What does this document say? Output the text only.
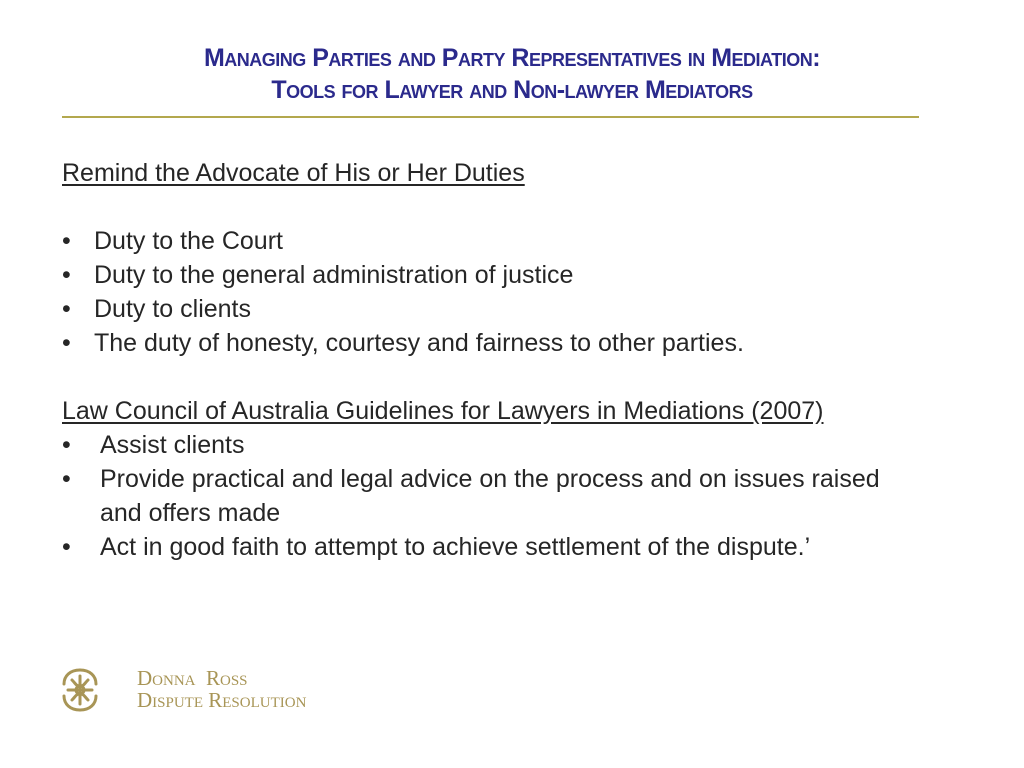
Managing Parties and Party Representatives in Mediation:
Tools for Lawyer and Non-lawyer Mediators
Remind the Advocate of His or Her Duties
• Duty to the Court
• Duty to the general administration of justice
• Duty to clients
• The duty of honesty, courtesy and fairness to other parties.
Law Council of Australia Guidelines for Lawyers in Mediations (2007)
• Assist clients
• Provide practical and legal advice on the process and on issues raised and offers made
• Act in good faith to attempt to achieve settlement of the dispute.’
Donna  Ross
Dispute Resolution
